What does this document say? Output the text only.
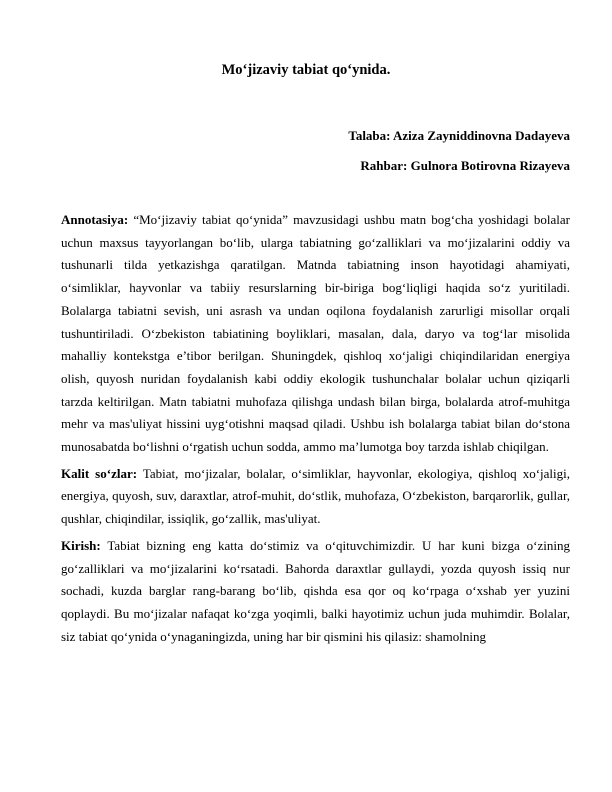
Mo‘jizaviy tabiat qo‘ynida.
Talaba: Aziza Zayniddinovna Dadayeva
Rahbar: Gulnora Botirovna Rizayeva

Annotasiya: “Mo‘jizaviy tabiat qo‘ynida” mavzusidagi ushbu matn bog‘cha yoshidagi bolalar uchun maxsus tayyorlangan bo‘lib, ularga tabiatning go‘zalliklari va mo‘jizalarini oddiy va tushunarli tilda yetkazishga qaratilgan. Matnda tabiatning inson hayotidagi ahamiyati, o‘simliklar, hayvonlar va tabiiy resurslarning bir-biriga bog‘liqligi haqida so‘z yuritiladi. Bolalarga tabiatni sevish, uni asrash va undan oqilona foydalanish zarurligi misollar orqali tushuntiriladi. O‘zbekiston tabiatining boyliklari, masalan, dala, daryo va tog‘lar misolida mahalliy kontekstga e’tibor berilgan. Shuningdek, qishloq xo‘jaligi chiqindilaridan energiya olish, quyosh nuridan foydalanish kabi oddiy ekologik tushunchalar bolalar uchun qiziqarli tarzda keltirilgan. Matn tabiatni muhofaza qilishga undash bilan birga, bolalarda atrof-muhitga mehr va mas'uliyat hissini uyg‘otishni maqsad qiladi. Ushbu ish bolalarga tabiat bilan do‘stona munosabatda bo‘lishni o‘rgatish uchun sodda, ammo ma’lumotga boy tarzda ishlab chiqilgan.

Kalit so‘zlar: Tabiat, mo‘jizalar, bolalar, o‘simliklar, hayvonlar, ekologiya, qishloq xo‘jaligi, energiya, quyosh, suv, daraxtlar, atrof-muhit, do‘stlik, muhofaza, O‘zbekiston, barqarorlik, gullar, qushlar, chiqindilar, issiqlik, go‘zallik, mas'uliyat.

Kirish: Tabiat bizning eng katta do‘stimiz va o‘qituvchimizdir. U har kuni bizga o‘zining go‘zalliklari va mo‘jizalarini ko‘rsatadi. Bahorda daraxtlar gullaydi, yozda quyosh issiq nur sochadi, kuzda barglar rang-barang bo‘lib, qishda esa qor oq ko‘rpaga o‘xshab yer yuzini qoplaydi. Bu mo‘jizalar nafaqat ko‘zga yoqimli, balki hayotimiz uchun juda muhimdir. Bolalar, siz tabiat qo‘ynida o‘ynaganingizda, uning har bir qismini his qilasiz: shamolning
